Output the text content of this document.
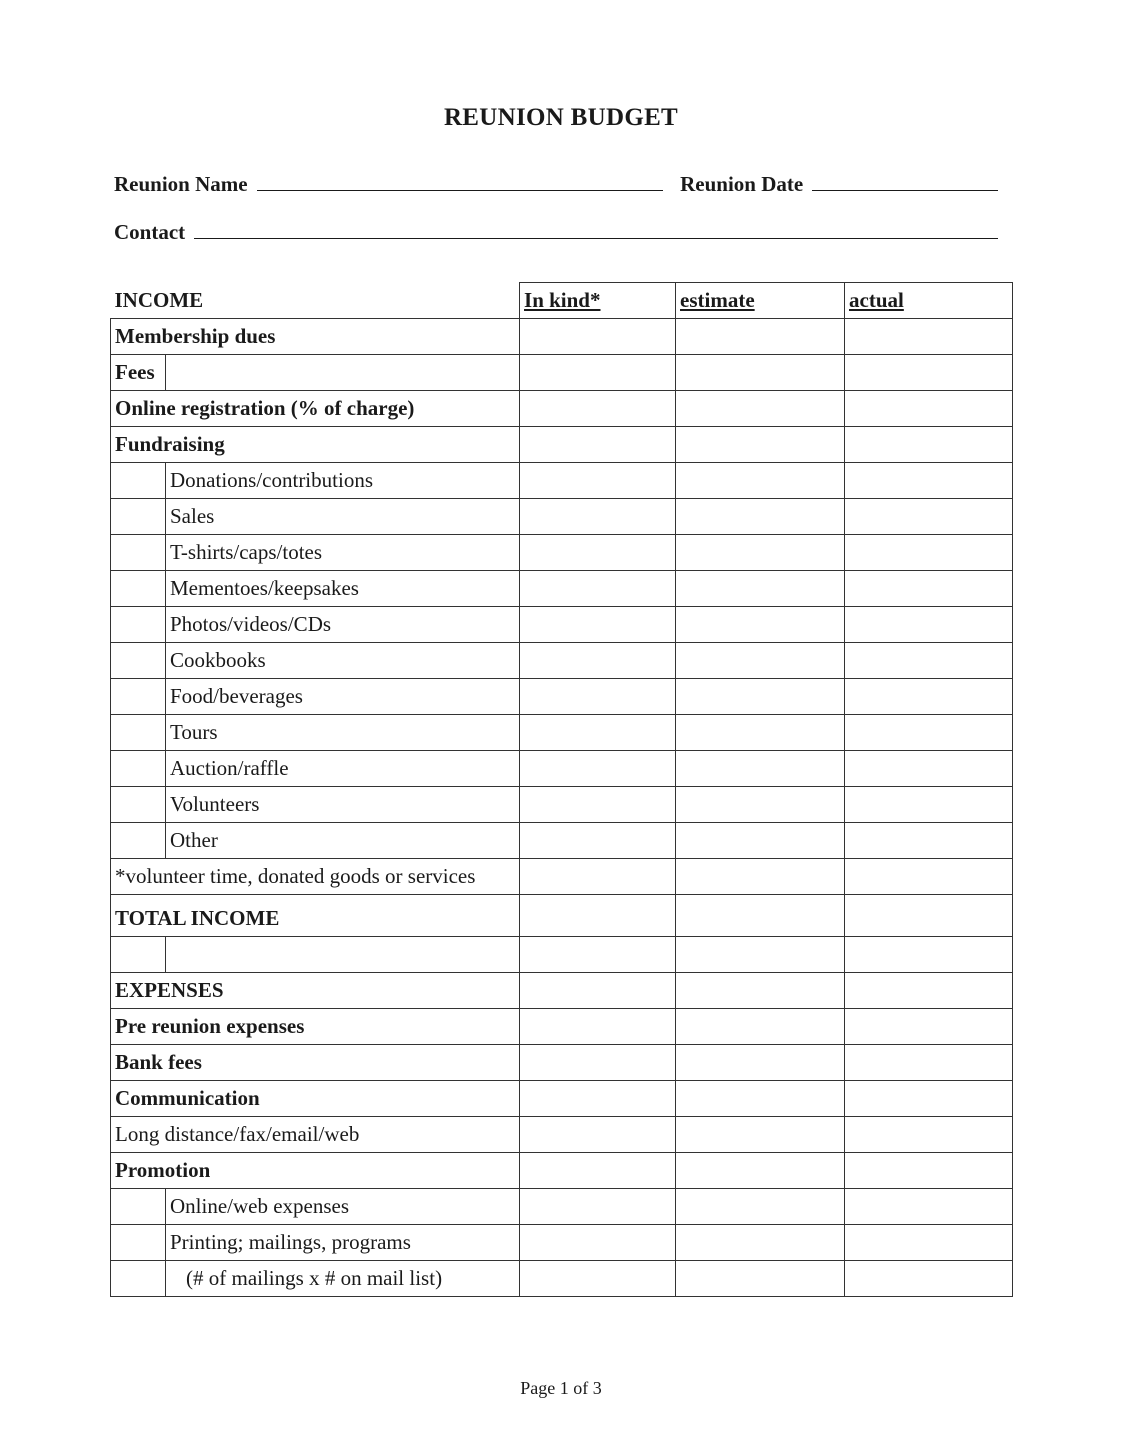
REUNION BUDGET
Reunion Name	Reunion Date
Contact
INCOME		In kind*	estimate	actual
Membership dues				
Fees				
Online registration (% of charge)				
Fundraising				
	Donations/contributions			
	Sales			
	T-shirts/caps/totes			
	Mementoes/keepsakes			
	Photos/videos/CDs			
	Cookbooks			
	Food/beverages			
	Tours			
	Auction/raffle			
	Volunteers			
	Other			
*volunteer time, donated goods or services				
TOTAL INCOME				

EXPENSES				
Pre reunion expenses				
Bank fees				
Communication				
Long distance/fax/email/web				
Promotion				
	Online/web expenses			
	Printing; mailings, programs			
	(# of mailings x # on mail list)			
Page 1 of 3
